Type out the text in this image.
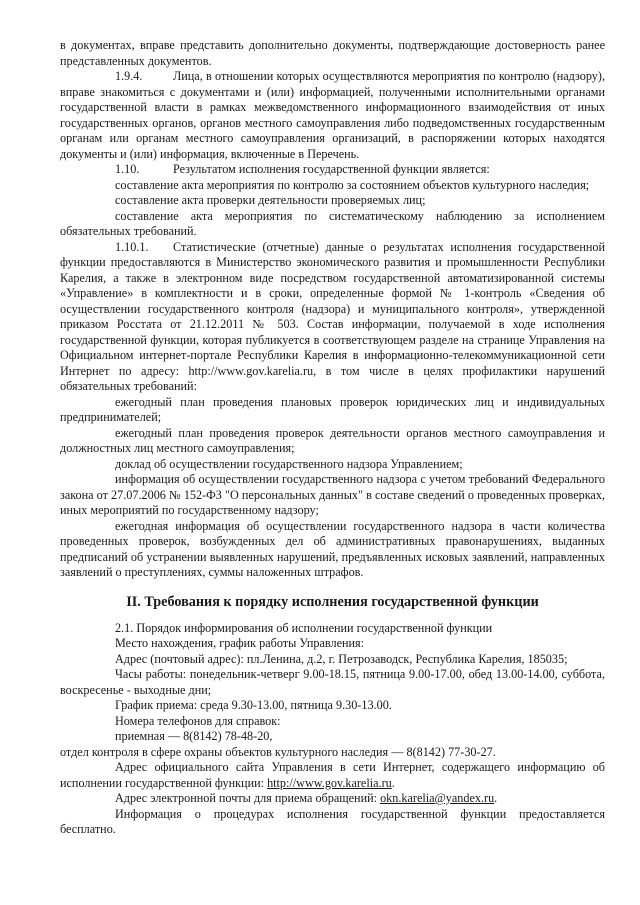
в документах, вправе представить дополнительно документы, подтверждающие достоверность ранее представленных документов.

1.9.4.	Лица, в отношении которых осуществляются мероприятия по контролю (надзору), вправе знакомиться с документами и (или) информацией, полученными исполнительными органами государственной власти в рамках межведомственного информационного взаимодействия от иных государственных органов, органов местного самоуправления либо подведомственных государственным органам или органам местного самоуправления организаций, в распоряжении которых находятся документы и (или) информация, включенные в Перечень.

1.10.	Результатом исполнения государственной функции является:

составление акта мероприятия по контролю за состоянием объектов культурного наследия;

составление акта проверки деятельности проверяемых лиц;

составление акта мероприятия по систематическому наблюдению за исполнением обязательных требований.

1.10.1. Статистические (отчетные) данные о результатах исполнения государственной функции предоставляются в Министерство экономического развития и промышленности Республики Карелия, а также в электронном виде посредством государственной автоматизированной системы «Управление» в комплектности и в сроки, определенные формой № 1-контроль «Сведения об осуществлении государственного контроля (надзора) и муниципального контроля», утвержденной приказом Росстата от 21.12.2011 № 503. Состав информации, получаемой в ходе исполнения государственной функции, которая публикуется в соответствующем разделе на странице Управления на Официальном интернет-портале Республики Карелия в информационно-телекоммуникационной сети Интернет по адресу: http://www.gov.karelia.ru, в том числе в целях профилактики нарушений обязательных требований:

ежегодный план проведения плановых проверок юридических лиц и индивидуальных предпринимателей;

ежегодный план проведения проверок деятельности органов местного самоуправления и должностных лиц местного самоуправления;

доклад об осуществлении государственного надзора Управлением;

информация об осуществлении государственного надзора с учетом требований Федерального закона от 27.07.2006 № 152-ФЗ "О персональных данных" в составе сведений о проведенных проверках, иных мероприятий по государственному надзору;

ежегодная информация об осуществлении государственного надзора в части количества проведенных проверок, возбужденных дел об административных правонарушениях, выданных предписаний об устранении выявленных нарушений, предъявленных исковых заявлений, направленных заявлений о преступлениях, суммы наложенных штрафов.

II. Требования к порядку исполнения государственной функции

2.1. Порядок информирования об исполнении государственной функции

Место нахождения, график работы Управления:

Адрес (почтовый адрес): пл.Ленина, д.2, г. Петрозаводск, Республика Карелия, 185035;

Часы работы: понедельник-четверг 9.00-18.15, пятница 9.00-17.00, обед 13.00-14.00, суббота, воскресенье - выходные дни;

График приема: среда 9.30-13.00, пятница 9.30-13.00.

Номера телефонов для справок:

приемная — 8(8142) 78-48-20,

отдел контроля в сфере охраны объектов культурного наследия — 8(8142) 77-30-27.

Адрес официального сайта Управления в сети Интернет, содержащего информацию об исполнении государственной функции: http://www.gov.karelia.ru.

Адрес электронной почты для приема обращений: okn.karelia@yandex.ru.

Информация о процедурах исполнения государственной функции предоставляется бесплатно.
